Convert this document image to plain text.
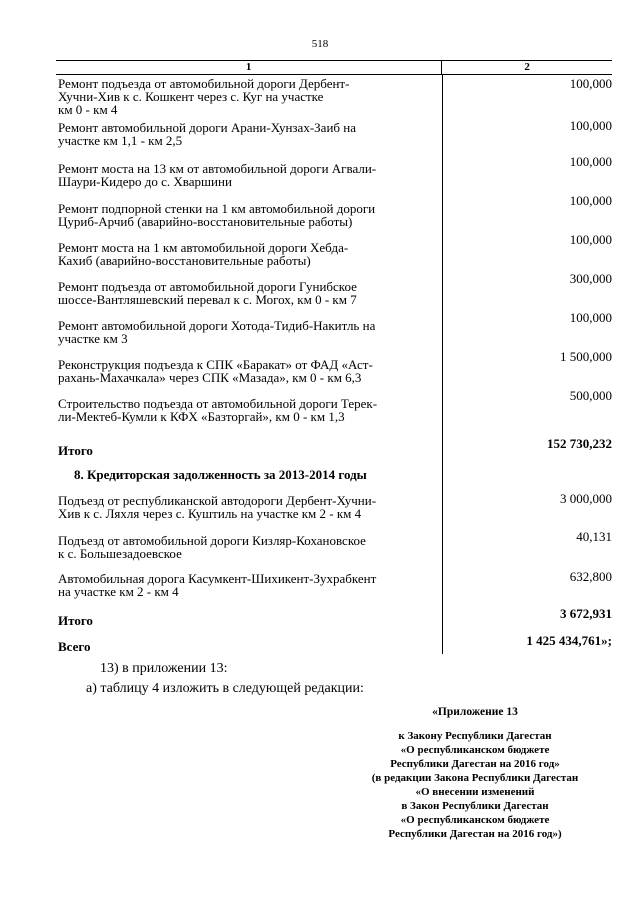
518
1	2
Ремонт подъезда от автомобильной дороги Дербент-
Хучни-Хив к с. Кошкент через с. Куг на участке
км 0 - км 4
100,000
Ремонт автомобильной дороги Арани-Хунзах-Заиб на
участке км 1,1 - км 2,5
100,000
Ремонт моста на 13 км от автомобильной дороги Агвали-
Шаури-Кидеро до с. Хваршини
100,000
Ремонт подпорной стенки на 1 км автомобильной дороги
Цуриб-Арчиб (аварийно-восстановительные работы)
100,000
Ремонт моста на 1 км автомобильной дороги Хебда-
Кахиб (аварийно-восстановительные работы)
100,000
Ремонт подъезда от автомобильной дороги Гунибское
шоссе-Вантляшевский перевал к с. Могох, км 0 - км 7
300,000
Ремонт автомобильной дороги Хотода-Тидиб-Накитль на
участке км 3
100,000
Реконструкция подъезда к СПК «Баракат» от ФАД «Аст-
рахань-Махачкала» через СПК «Мазада», км 0 - км 6,3
1 500,000
Строительство подъезда от автомобильной дороги Терек-
ли-Мектеб-Кумли к КФХ «Базторгай», км 0 - км 1,3
500,000
Итого	152 730,232
8. Кредиторская задолженность за 2013-2014 годы
Подъезд от республиканской автодороги Дербент-Хучни-
Хив к с. Ляхля через с. Куштиль на участке км 2 - км 4
3 000,000
Подъезд от автомобильной дороги Кизляр-Кохановское
к с. Большезадоевское
40,131
Автомобильная дорога Касумкент-Шихикент-Зухрабкент
на участке км 2 - км 4
632,800
Итого	3 672,931
Всего	1 425 434,761»;
13) в приложении 13:
а) таблицу 4 изложить в следующей редакции:
«Приложение 13
к Закону Республики Дагестан
«О республиканском бюджете
Республики Дагестан на 2016 год»
(в редакции Закона Республики Дагестан
«О внесении изменений
в Закон Республики Дагестан
«О республиканском бюджете
Республики Дагестан на 2016 год»)
